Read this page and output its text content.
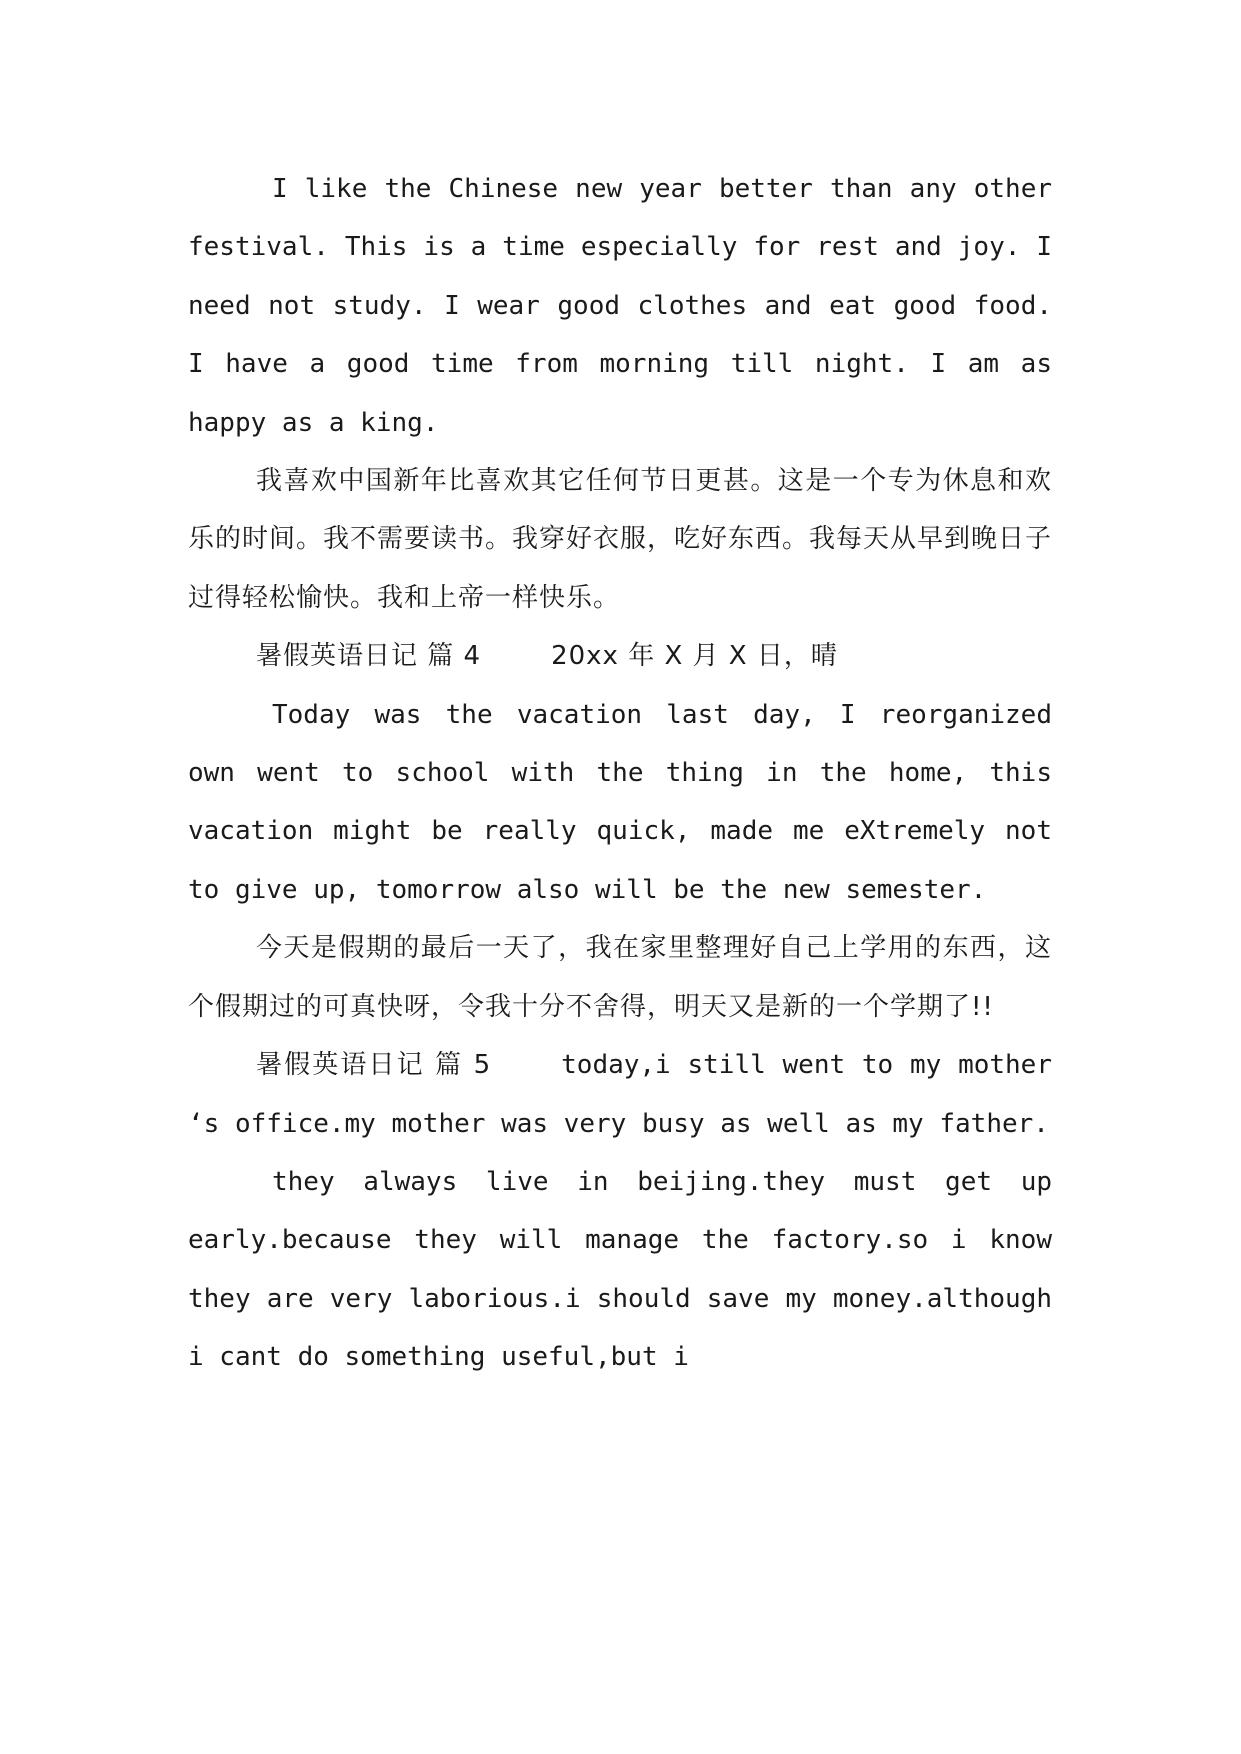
I like the Chinese new year better than any other festival. This is a time especially for rest and joy. I need not study. I wear good clothes and eat good food. I have a good time from morning till night. I am as happy as a king.

我喜欢中国新年比喜欢其它任何节日更甚。这是一个专为休息和欢乐的时间。我不需要读书。我穿好衣服，吃好东西。我每天从早到晚日子过得轻松愉快。我和上帝一样快乐。

暑假英语日记 篇 4	20xx 年 X 月 X 日，晴

Today was the vacation last day, I reorganized own went to school with the thing in the home, this vacation might be really quick, made me eXtremely not to give up, tomorrow also will be the new semester.

今天是假期的最后一天了，我在家里整理好自己上学用的东西，这个假期过的可真快呀，令我十分不舍得，明天又是新的一个学期了!!

暑假英语日记 篇 5	today,i still went to my mother ‘s office.my mother was very busy as well as my father.

they always live in beijing.they must get up early.because they will manage the factory.so i know they are very laborious.i should save my money.although i cant do something useful,but i
